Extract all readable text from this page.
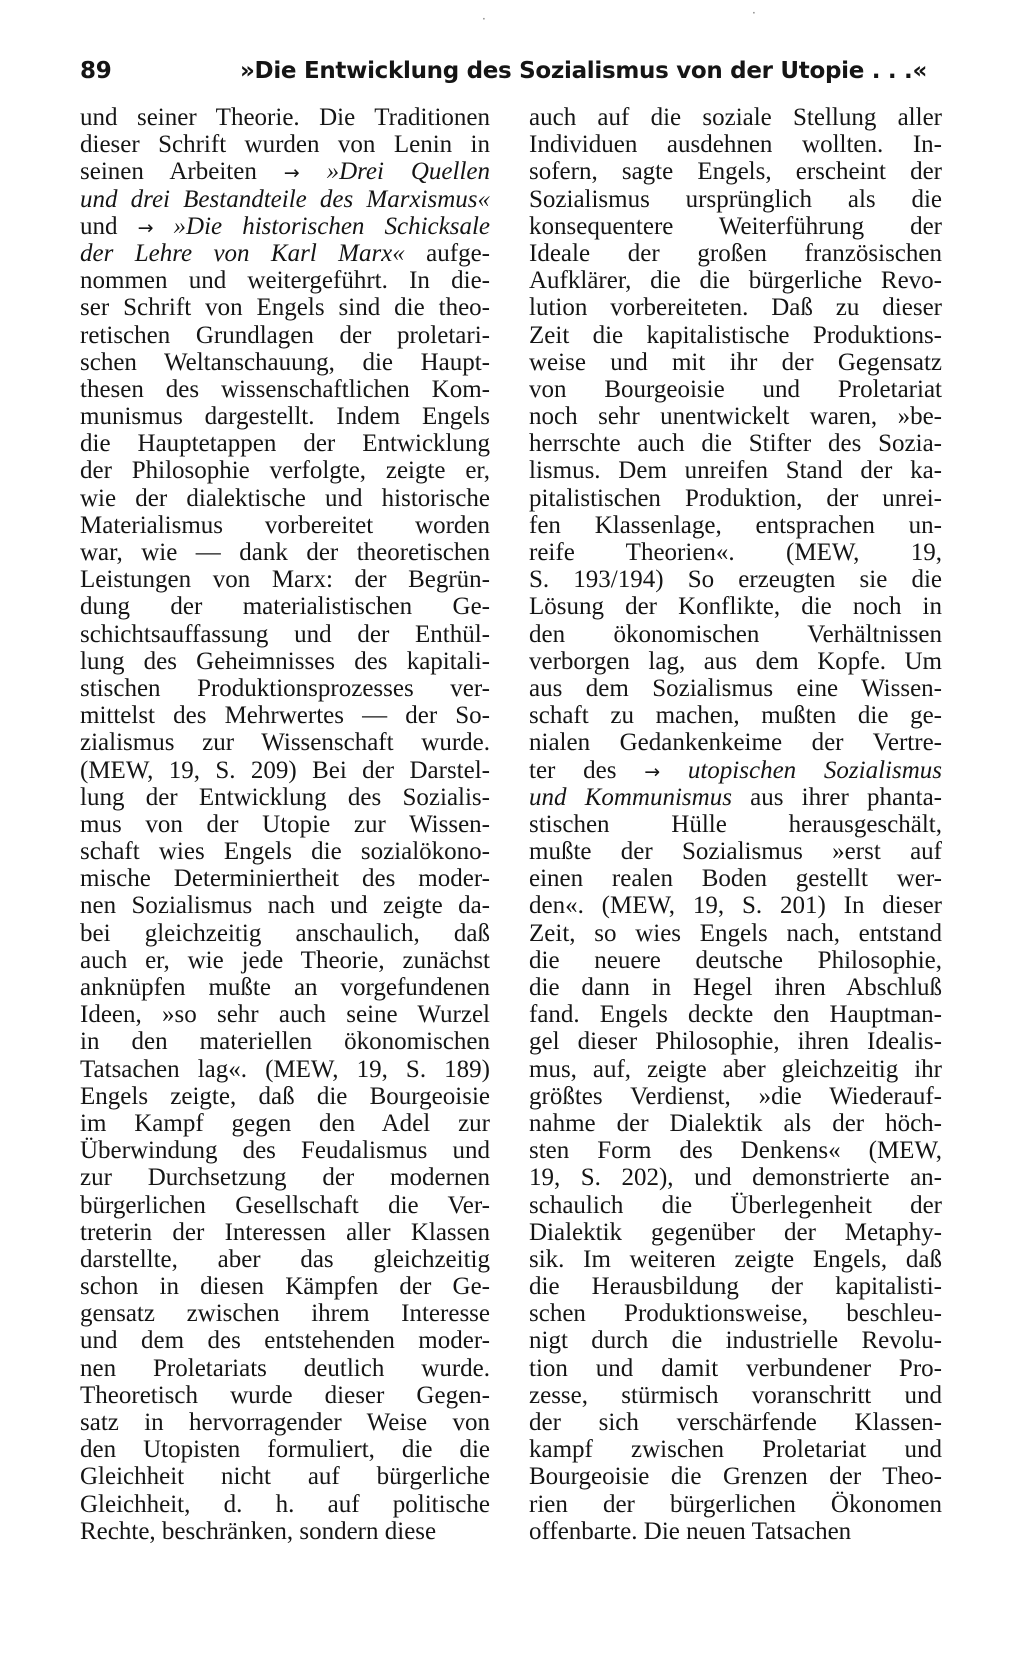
·	·
89	»Die Entwicklung des Sozialismus von der Utopie . . .«
und seiner Theorie. Die Traditionen
dieser Schrift wurden von Lenin in
seinen Arbeiten → »Drei Quellen
und drei Bestandteile des Marxismus«
und → »Die historischen Schicksale
der Lehre von Karl Marx« aufge-
nommen und weitergeführt. In die-
ser Schrift von Engels sind die theo-
retischen Grundlagen der proletari-
schen Weltanschauung, die Haupt-
thesen des wissenschaftlichen Kom-
munismus dargestellt. Indem Engels
die Hauptetappen der Entwicklung
der Philosophie verfolgte, zeigte er,
wie der dialektische und historische
Materialismus vorbereitet worden
war, wie — dank der theoretischen
Leistungen von Marx: der Begrün-
dung der materialistischen Ge-
schichtsauffassung und der Enthül-
lung des Geheimnisses des kapitali-
stischen Produktionsprozesses ver-
mittelst des Mehrwertes — der So-
zialismus zur Wissenschaft wurde.
(MEW, 19, S. 209) Bei der Darstel-
lung der Entwicklung des Sozialis-
mus von der Utopie zur Wissen-
schaft wies Engels die sozialökono-
mische Determiniertheit des moder-
nen Sozialismus nach und zeigte da-
bei gleichzeitig anschaulich, daß
auch er, wie jede Theorie, zunächst
anknüpfen mußte an vorgefundenen
Ideen, »so sehr auch seine Wurzel
in den materiellen ökonomischen
Tatsachen lag«. (MEW, 19, S. 189)
Engels zeigte, daß die Bourgeoisie
im Kampf gegen den Adel zur
Überwindung des Feudalismus und
zur Durchsetzung der modernen
bürgerlichen Gesellschaft die Ver-
treterin der Interessen aller Klassen
darstellte, aber das gleichzeitig
schon in diesen Kämpfen der Ge-
gensatz zwischen ihrem Interesse
und dem des entstehenden moder-
nen Proletariats deutlich wurde.
Theoretisch wurde dieser Gegen-
satz in hervorragender Weise von
den Utopisten formuliert, die die
Gleichheit nicht auf bürgerliche
Gleichheit, d. h. auf politische
Rechte, beschränken, sondern diese
auch auf die soziale Stellung aller
Individuen ausdehnen wollten. In-
sofern, sagte Engels, erscheint der
Sozialismus ursprünglich als die
konsequentere Weiterführung der
Ideale der großen französischen
Aufklärer, die die bürgerliche Revo-
lution vorbereiteten. Daß zu dieser
Zeit die kapitalistische Produktions-
weise und mit ihr der Gegensatz
von Bourgeoisie und Proletariat
noch sehr unentwickelt waren, »be-
herrschte auch die Stifter des Sozia-
lismus. Dem unreifen Stand der ka-
pitalistischen Produktion, der unrei-
fen Klassenlage, entsprachen un-
reife Theorien«. (MEW, 19,
S. 193/194) So erzeugten sie die
Lösung der Konflikte, die noch in
den ökonomischen Verhältnissen
verborgen lag, aus dem Kopfe. Um
aus dem Sozialismus eine Wissen-
schaft zu machen, mußten die ge-
nialen Gedankenkeime der Vertre-
ter des → utopischen Sozialismus
und Kommunismus aus ihrer phanta-
stischen Hülle herausgeschält,
mußte der Sozialismus »erst auf
einen realen Boden gestellt wer-
den«. (MEW, 19, S. 201) In dieser
Zeit, so wies Engels nach, entstand
die neuere deutsche Philosophie,
die dann in Hegel ihren Abschluß
fand. Engels deckte den Hauptman-
gel dieser Philosophie, ihren Idealis-
mus, auf, zeigte aber gleichzeitig ihr
größtes Verdienst, »die Wiederauf-
nahme der Dialektik als der höch-
sten Form des Denkens« (MEW,
19, S. 202), und demonstrierte an-
schaulich die Überlegenheit der
Dialektik gegenüber der Metaphy-
sik. Im weiteren zeigte Engels, daß
die Herausbildung der kapitalisti-
schen Produktionsweise, beschleu-
nigt durch die industrielle Revolu-
tion und damit verbundener Pro-
zesse, stürmisch voranschritt und
der sich verschärfende Klassen-
kampf zwischen Proletariat und
Bourgeoisie die Grenzen der Theo-
rien der bürgerlichen Ökonomen
offenbarte. Die neuen Tatsachen
